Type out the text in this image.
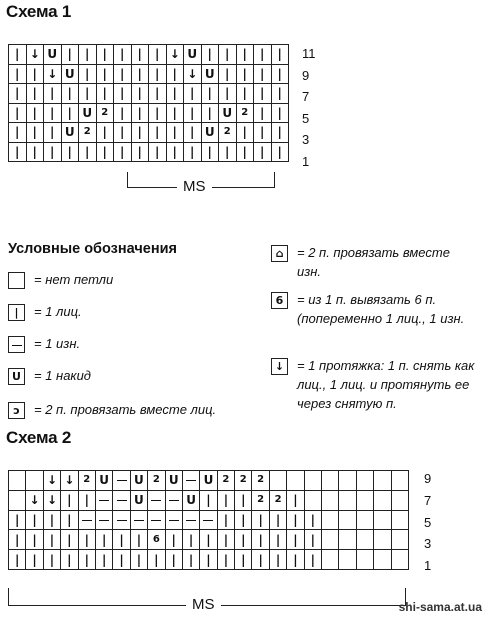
Схема 1
|	↓	U	|	|	|	|	|	|	↓	U	|	|	|	|	|
|	|	↓	U	|	|	|	|	|	|	↓	U	|	|	|	|
|	|	|	|	|	|	|	|	|	|	|	|	|	|	|	|
|	|	|	|	U	2	|	|	|	|	|	|	U	2	|	|
|	|	|	U	2	|	|	|	|	|	|	U	2	|	|	|
|	|	|	|	|	|	|	|	|	|	|	|	|	|	|	|
11
9
7
5
3
1
MS
Условные обозначения
= нет петли
|	= 1 лиц.
= 1 изн.
U	= 1 накид
ↄ	= 2 п. провязать вместе лиц.
⌂	= 2 п. провязать вместе изн.
6	= из 1 п. вывязать 6 п. (попеременно 1 лиц., 1 изн.
↓ = 1 протяжка: 1 п. снять как лиц., 1 лиц. и протянуть ее через снятую п.
Схема 2
		↓	↓	2	U		U	2	U		U	2	2	2								
	↓	↓	|	|			U			U	|	|	|	2	2	|						
|	|	|	|									|	|	|	|	|	|					
|	|	|	|	|	|	|	|	6	|	|	|	|	|	|	|	|	|					
|	|	|	|	|	|	|	|	|	|	|	|	|	|	|	|	|	|					
9
7
5
3
1
MS	shi-sama.at.ua
